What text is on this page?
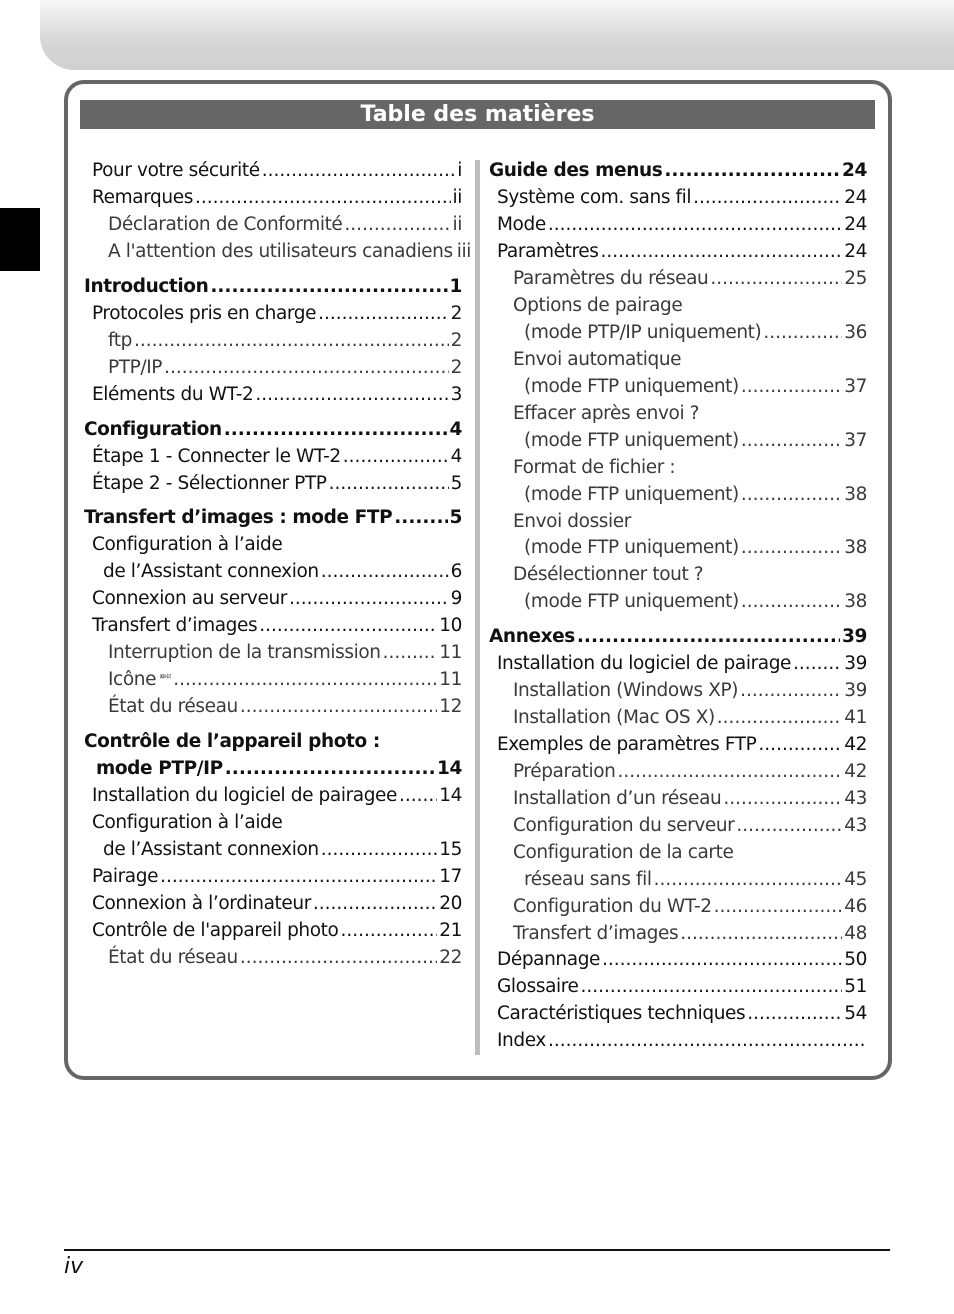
Table des matières
Pour votre sécurité .....	i
Remarques .....	ii
Déclaration de Conformité .....	ii
A l'attention des utilisateurs canadiens iii
Introduction .....	1
Protocoles pris en charge .....	2
ftp .....	2
PTP/IP .....	2
Eléments du WT-2 .....	3
Configuration .....	4
Étape 1 - Connecter le WT-2 .....	4
Étape 2 - Sélectionner PTP .....	5
Transfert d’images : mode FTP .....	5
Configuration à l’aide
de l’Assistant connexion .....	6
Connexion au serveur .....	9
Transfert d’images .....	10
Interruption de la transmission .....	11
Icône .....	11
État du réseau .....	12
Contrôle de l’appareil photo :
mode PTP/IP .....	14
Installation du logiciel de pairagee ..... 14
Configuration à l’aide
de l’Assistant connexion .....	15
Pairage .....	17
Connexion à l’ordinateur .....	20
Contrôle de l'appareil photo .....	21
État du réseau .....	22
Guide des menus .....	24
Système com. sans fil .....	24
Mode .....	24
Paramètres .....	24
Paramètres du réseau .....	25
Options de pairage
(mode PTP/IP uniquement) .....	36
Envoi automatique
(mode FTP uniquement) .....	37
Effacer après envoi ?
(mode FTP uniquement) .....	37
Format de fichier :
(mode FTP uniquement) .....	38
Envoi dossier
(mode FTP uniquement) .....	38
Désélectionner tout ?
(mode FTP uniquement) .....	38
Annexes .....	39
Installation du logiciel de pairage .....	39
Installation (Windows XP) .....	39
Installation (Mac OS X) .....	41
Exemples de paramètres FTP .....	42
Préparation .....	42
Installation d’un réseau .....	43
Configuration du serveur .....	43
Configuration de la carte
réseau sans fil .....	45
Configuration du WT-2 .....	46
Transfert d’images .....	48
Dépannage .....	50
Glossaire .....	51
Caractéristiques techniques .....	54
Index
.....
iv
